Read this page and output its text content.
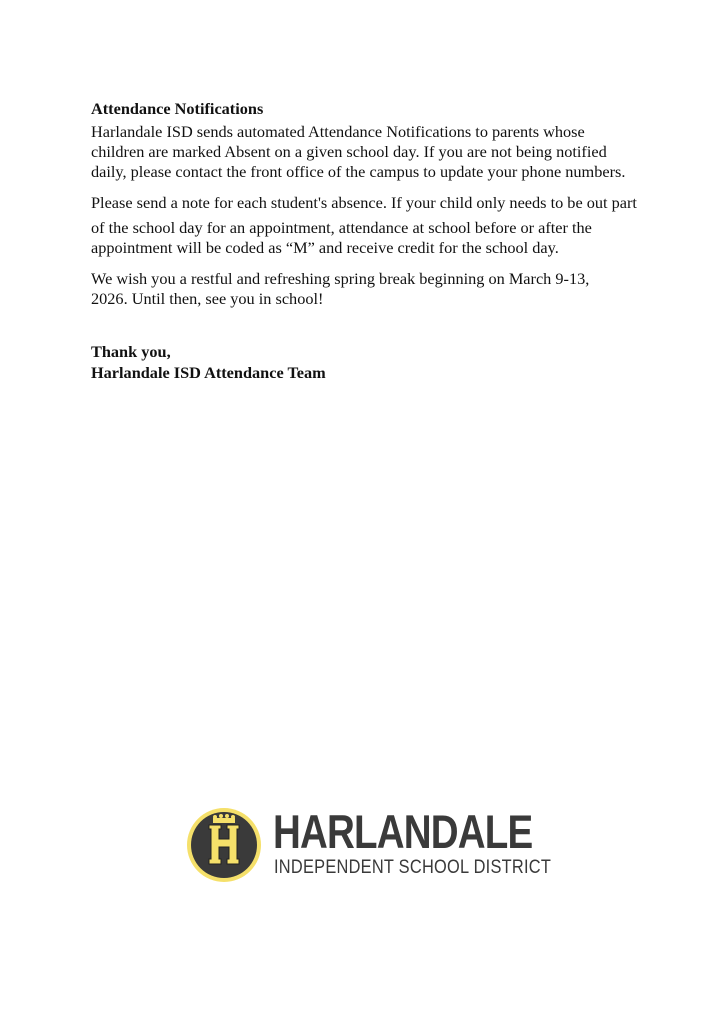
Attendance Notifications
Harlandale ISD sends automated Attendance Notifications to parents whose
children are marked Absent on a given school day. If you are not being notified
daily, please contact the front office of the campus to update your phone numbers.
Please send a note for each student's absence. If your child only needs to be out part
of the school day for an appointment, attendance at school before or after the
appointment will be coded as “M” and receive credit for the school day.
We wish you a restful and refreshing spring break beginning on March 9-13,
2026. Until then, see you in school!
Thank you,
Harlandale ISD Attendance Team
HARLANDALE
INDEPENDENT SCHOOL DISTRICT
